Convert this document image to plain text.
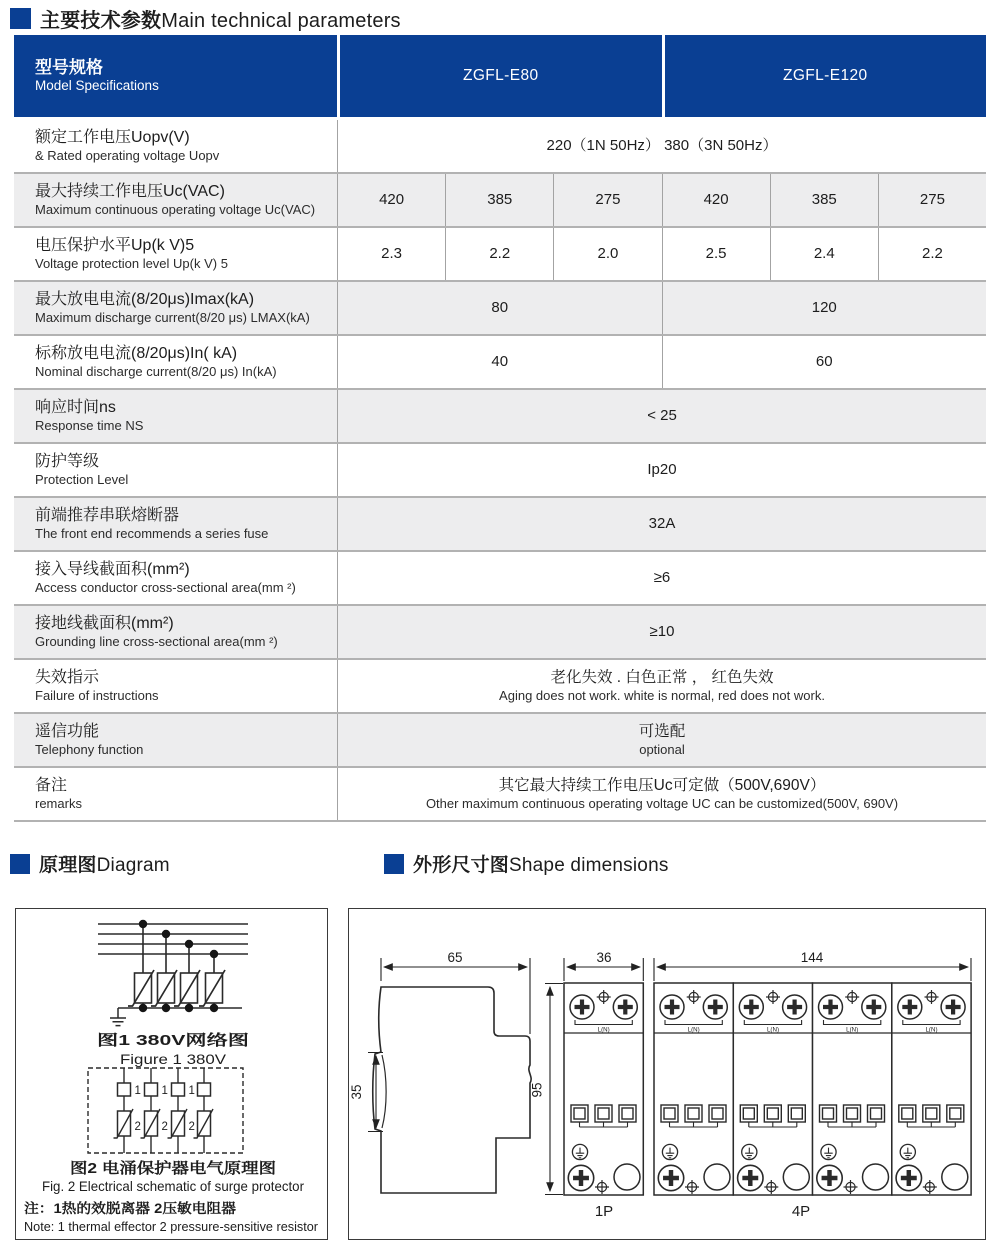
主要技术参数 Main technical parameters
型号规格
Model Specifications
ZGFL-E80	ZGFL-E120
额定工作电压Uopv(V)
& Rated operating voltage Uopv
220（1N 50Hz） 380（3N 50Hz）
最大持续工作电压Uc(VAC)
Maximum continuous operating voltage Uc(VAC)
420	385	275	420	385	275
电压保护水平Up(k V)5
Voltage protection level Up(k V) 5
2.3	2.2	2.0	2.5	2.4	2.2
最大放电电流(8/20μs)Imax(kA)
Maximum discharge current(8/20 μs) LMAX(kA)
80	120
标称放电电流(8/20μs)In( kA)
Nominal discharge current(8/20 μs) In(kA)
40	60
响应时间ns
Response time NS
< 25
防护等级
Protection Level
Ip20
前端推荐串联熔断器
The front end recommends a series fuse
32A
接入导线截面积(mm²)
Access conductor cross-sectional area(mm ²)
≥6
接地线截面积(mm²)
Grounding line cross-sectional area(mm ²)
≥10
失效指示
Failure of instructions
老化失效 . 白色正常 ， 红色失效
Aging does not work. white is normal, red does not work.
遥信功能
Telephony function
可选配
optional
备注
remarks
其它最大持续工作电压Uc可定做（500V,690V）
Other maximum continuous operating voltage UC can be customized(500V, 690V)
原理图 Diagram	外形尺寸图 Shape dimensions
图1 380V网络图
Figure 1 380V
1 1 1
2 2 2
图2 电涌保护器电气原理图
Fig. 2 Electrical schematic of surge protector
注：1热的效脱离器 2压敏电阻器
Note: 1 thermal effector 2 pressure-sensitive resistor
65
35	95
36
1P
144
4P
